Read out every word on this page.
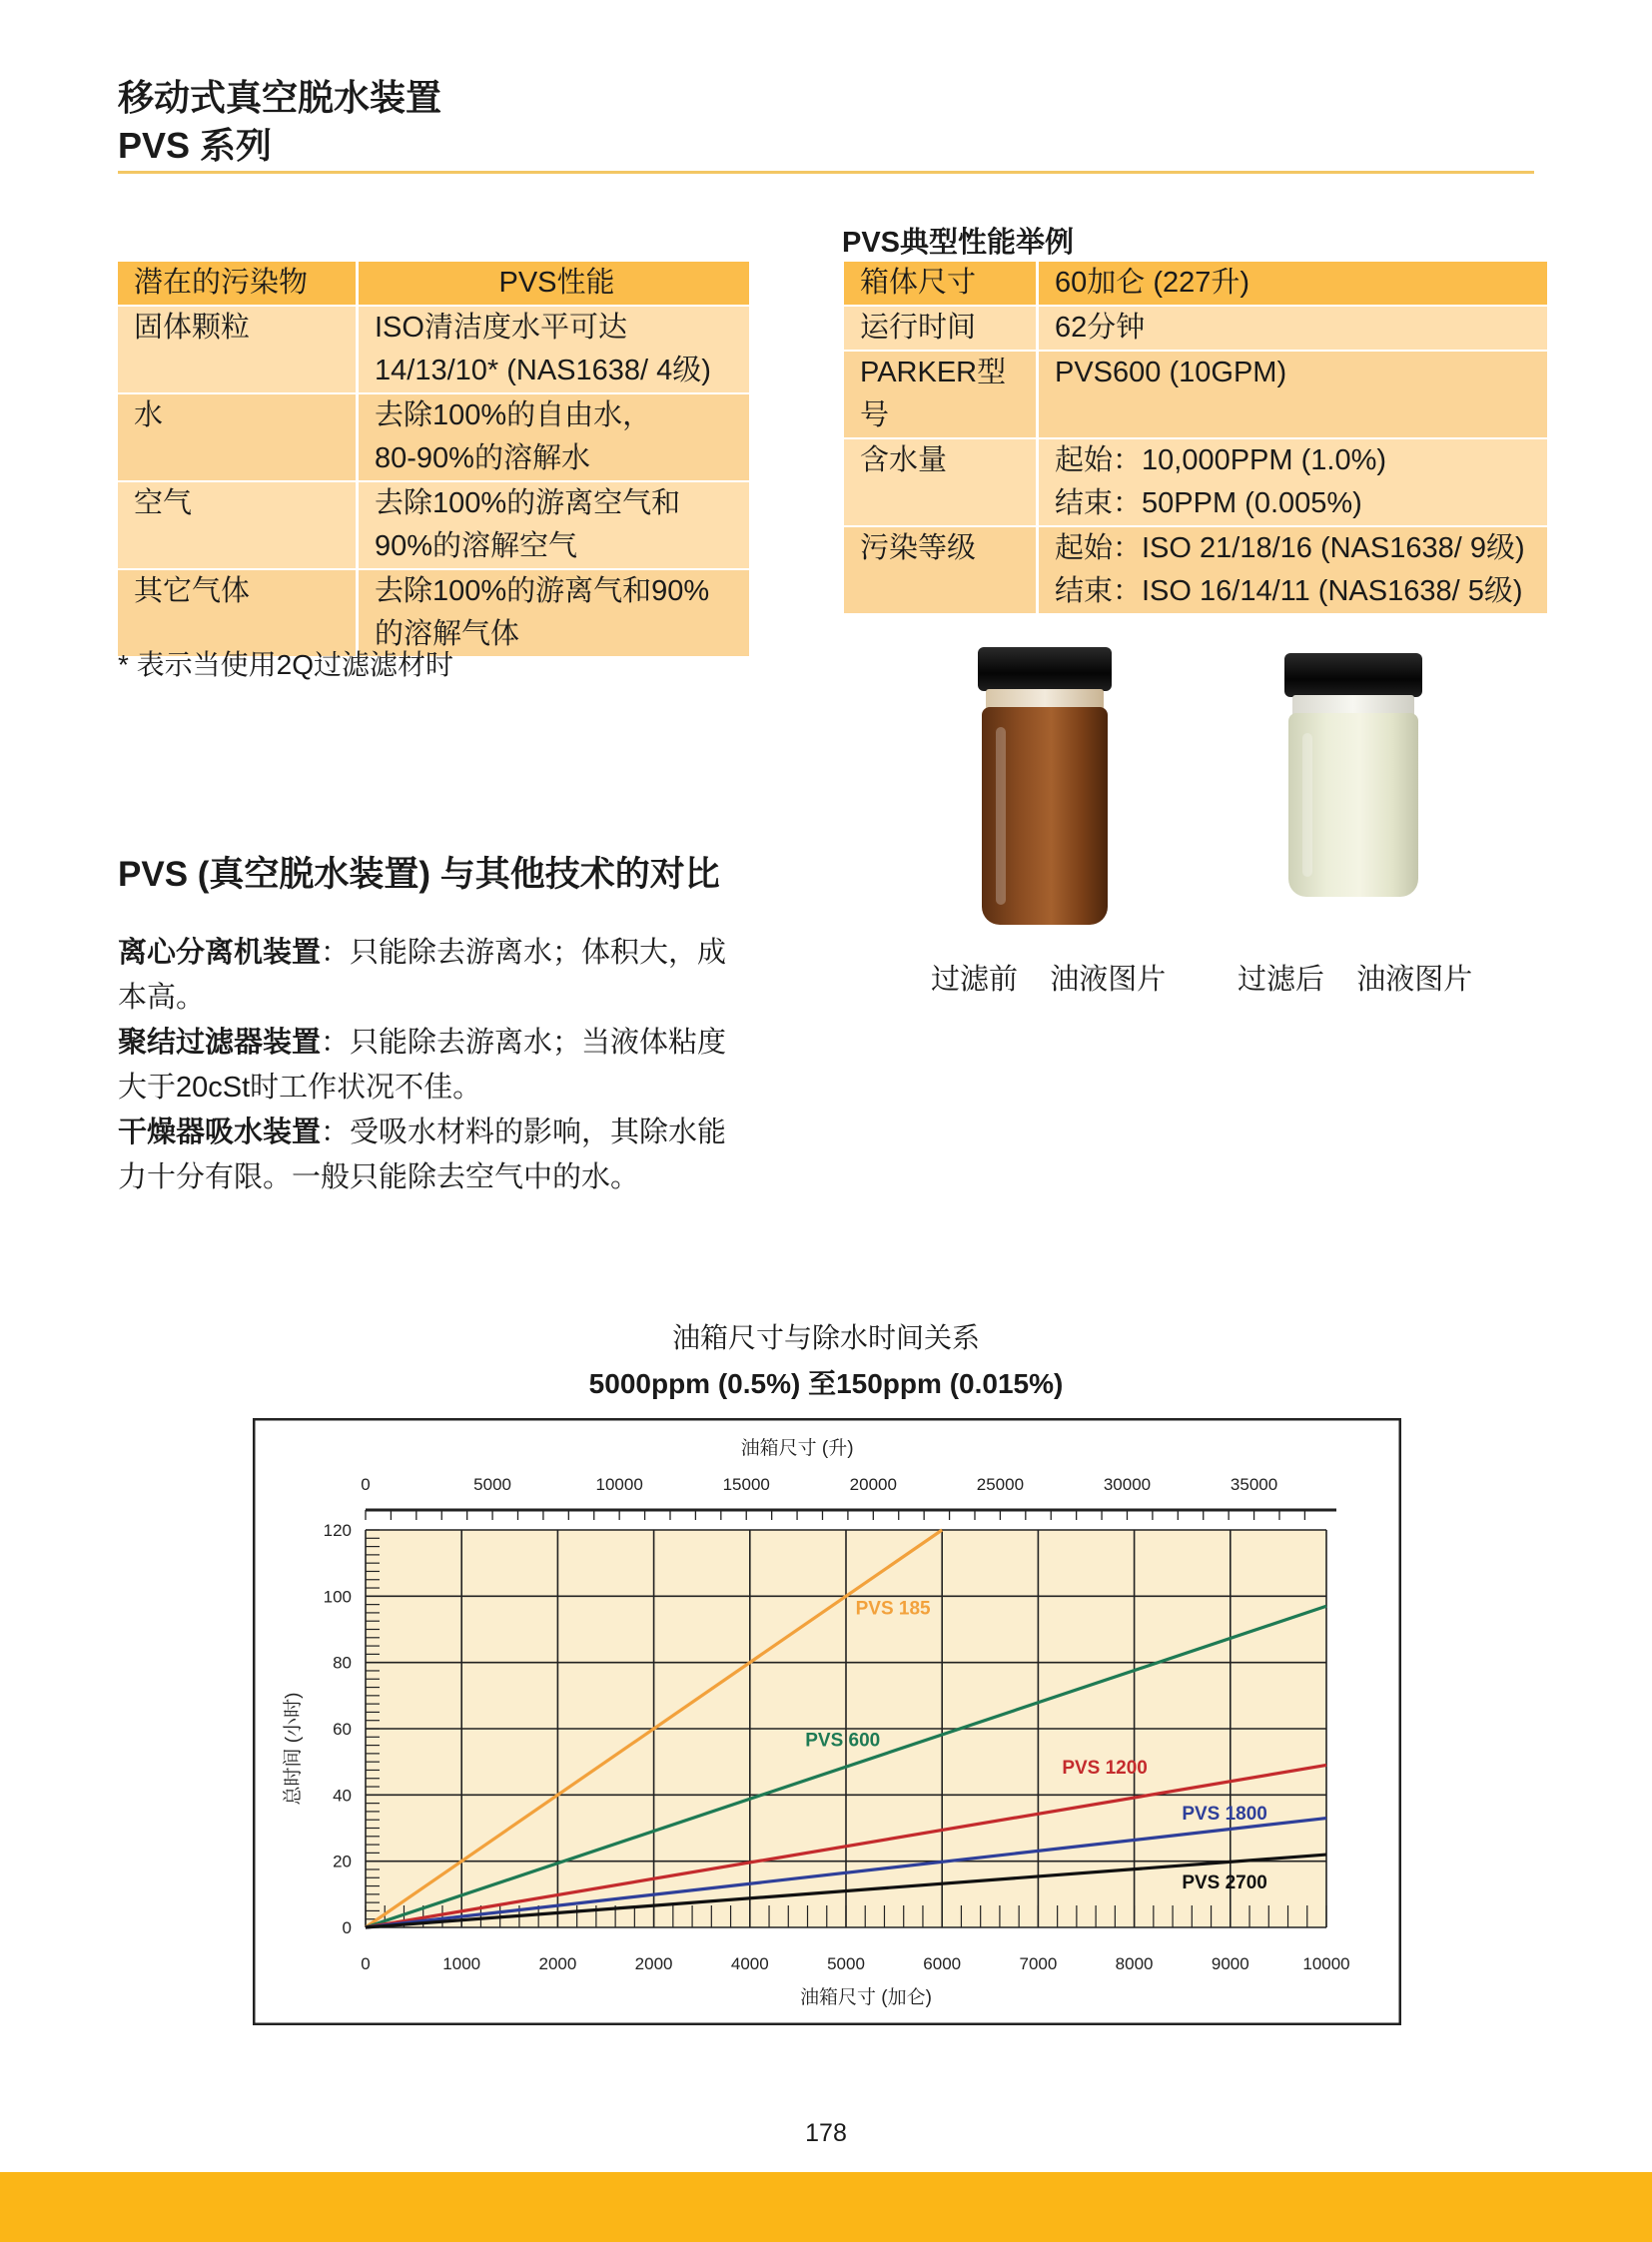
移动式真空脱水装置
PVS 系列
潜在的污染物	PVS性能
固体颗粒	ISO清洁度水平可达
14/13/10* (NAS1638/ 4级)

水	去除100%的自由水，
80-90%的溶解水

空气	去除100%的游离空气和
90%的溶解空气

其它气体	去除100%的游离气和90%
的溶解气体
* 表示当使用2Q过滤滤材时
PVS典型性能举例
箱体尺寸	60加仑 (227升)

运行时间	62分钟

PARKER型号	PVS600 (10GPM)

含水量	起始：10,000PPM (1.0%)
结束：50PPM (0.005%)

污染等级	起始：ISO 21/18/16 (NAS1638/ 9级)
结束：ISO 16/14/11 (NAS1638/ 5级)
过滤前    油液图片 过滤后    油液图片
PVS (真空脱水装置) 与其他技术的对比

离心分离机装置：只能除去游离水；体积大，成本高。

聚结过滤器装置：只能除去游离水；当液体粘度大于20cSt时工作状况不佳。

干燥器吸水装置：受吸水材料的影响，其除水能力十分有限。一般只能除去空气中的水。

油箱尺寸与除水时间关系
5000ppm (0.5%) 至150ppm (0.015%)
0	5000	10000	15000	20000	25000	30000	35000
油箱尺寸 (升)
PVS 185
PVS 600
PVS 1200
PVS 1800
PVS 2700
0	1000	2000	2000	4000	5000	6000	7000	8000	9000	10000
油箱尺寸 (加仑)
0
20
40
60
80
100
120
总时间 (小时)
178
